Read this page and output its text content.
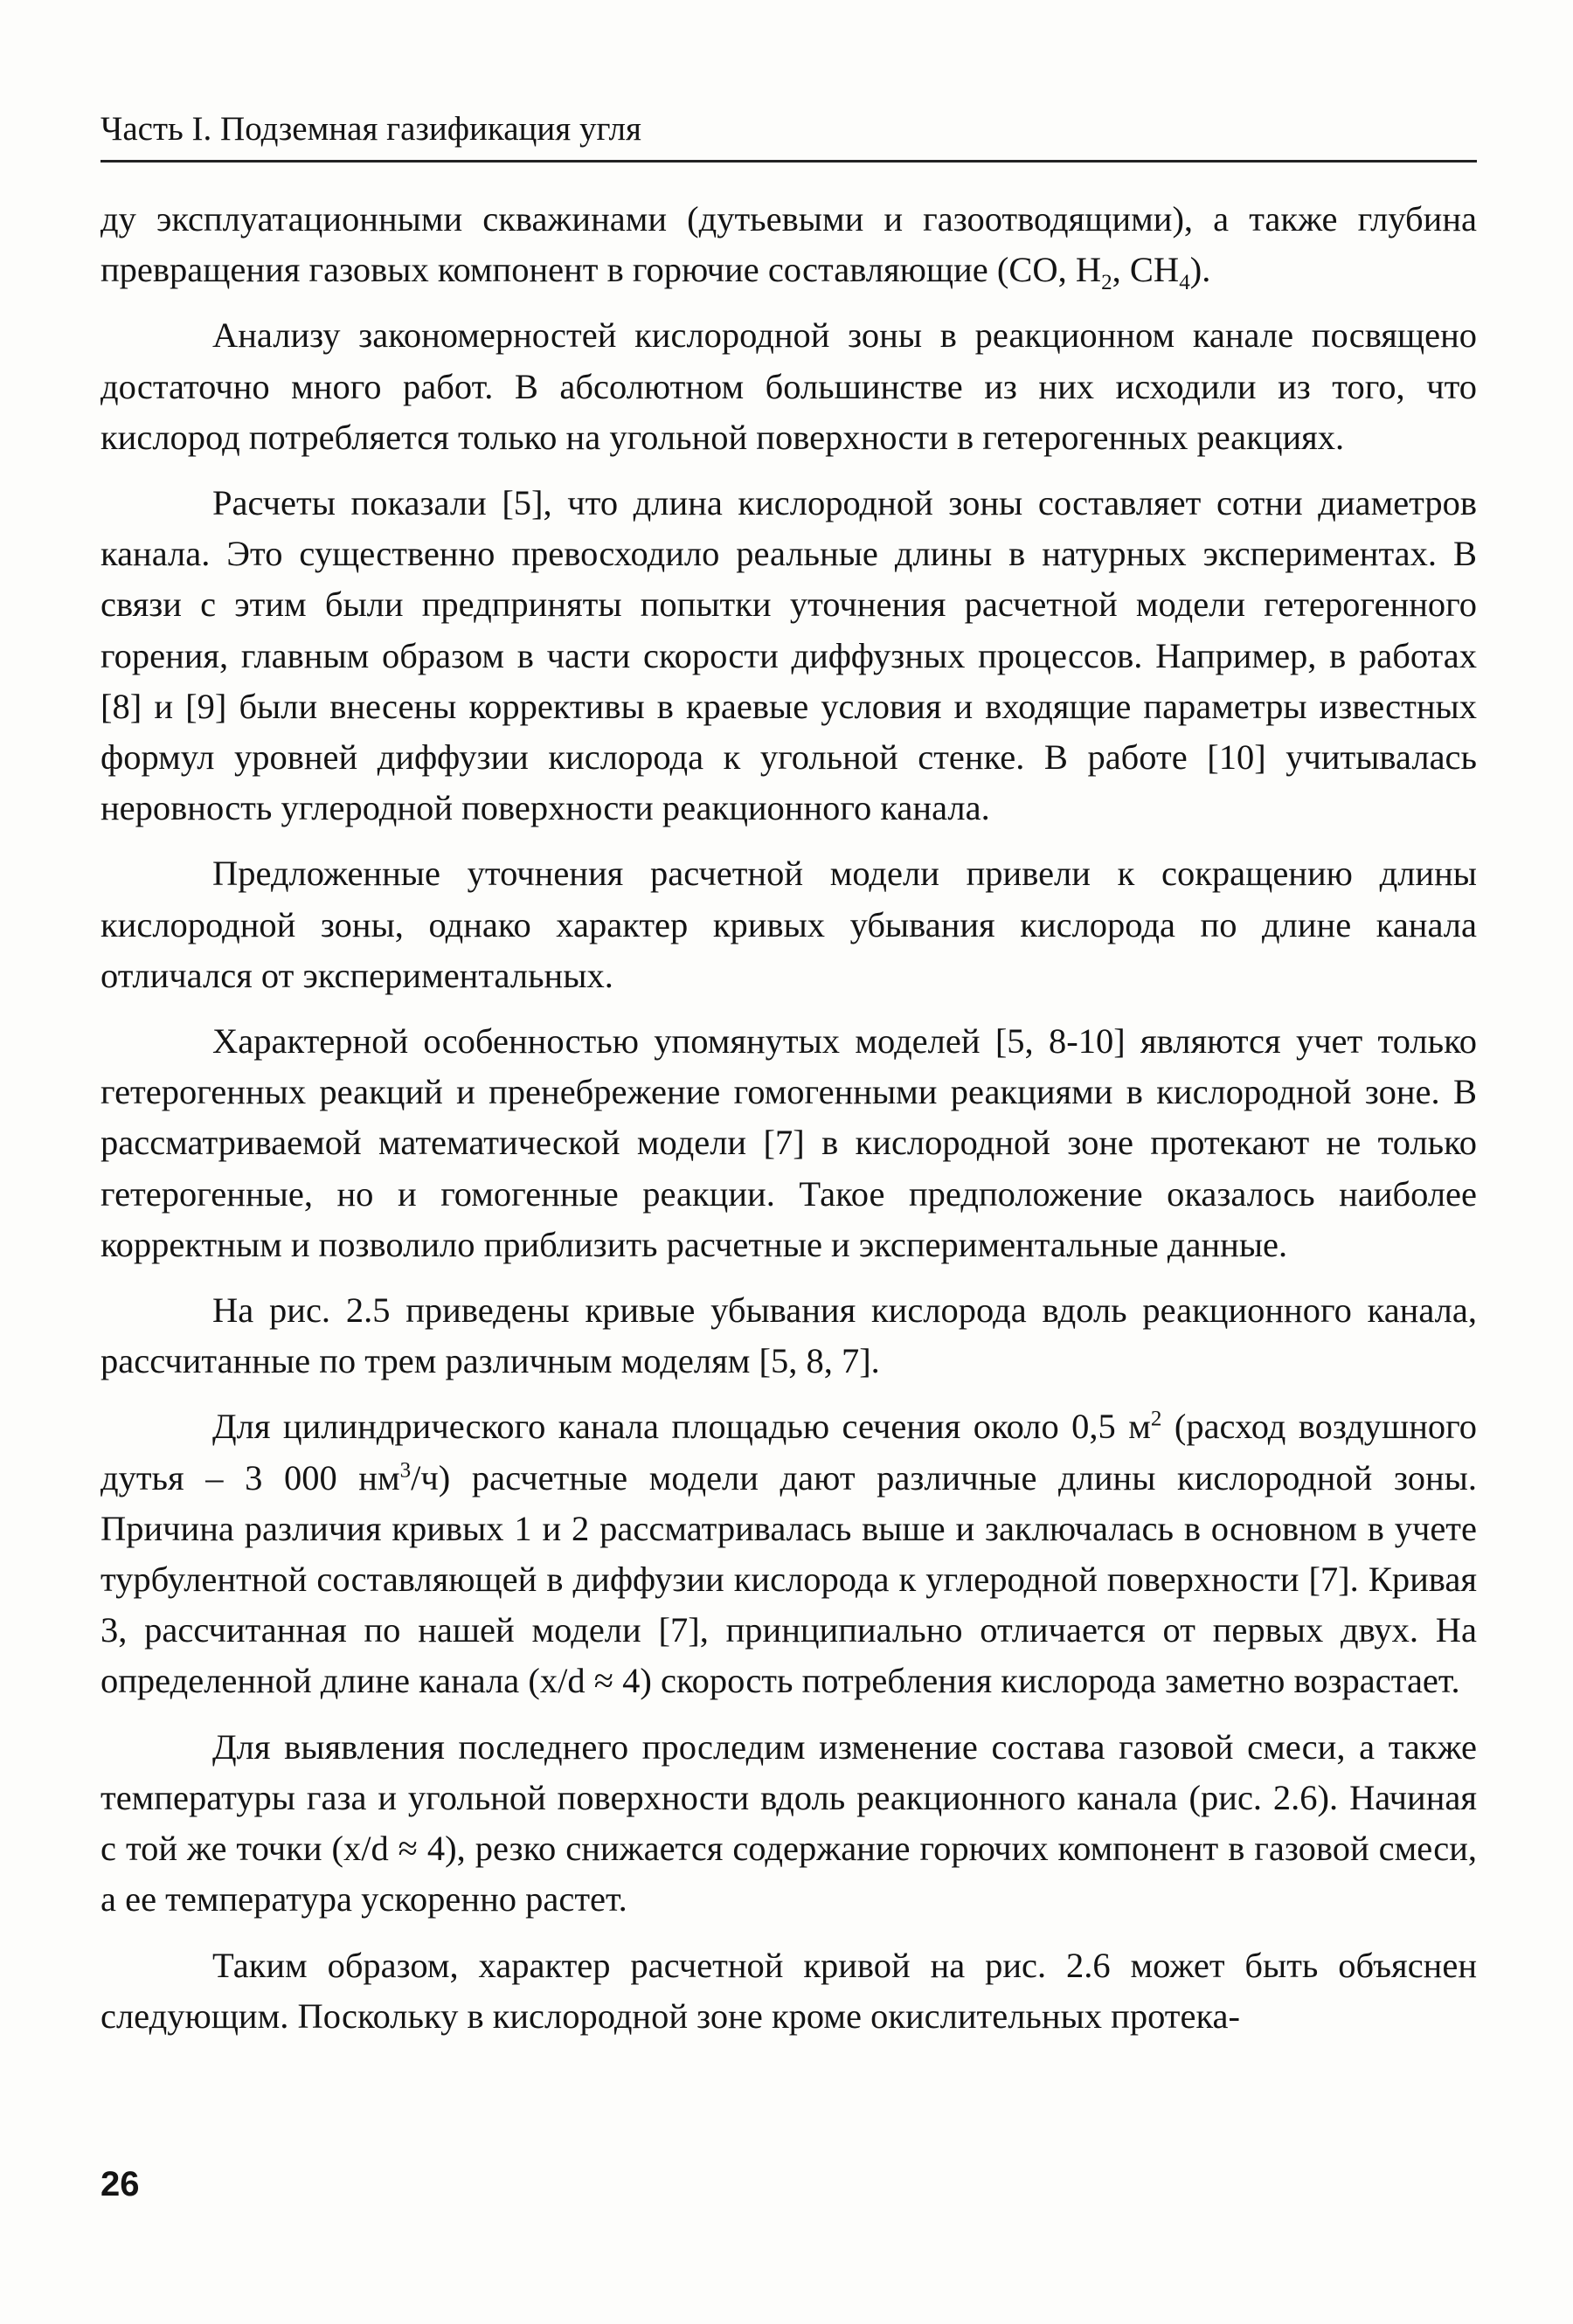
Часть I. Подземная газификация угля

ду эксплуатационными скважинами (дутьевыми и газоотводящими), а также глубина превращения газовых компонент в горючие составляющие (CO, $H_2$, $CH_4$).

Анализу закономерностей кислородной зоны в реакционном канале посвящено достаточно много работ. В абсолютном большинстве из них исходили из того, что кислород потребляется только на угольной поверхности в гетерогенных реакциях.

Расчеты показали [5], что длина кислородной зоны составляет сотни диаметров канала. Это существенно превосходило реальные длины в натурных экспериментах. В связи с этим были предприняты попытки уточнения расчетной модели гетерогенного горения, главным образом в части скорости диффузных процессов. Например, в работах [8] и [9] были внесены коррективы в краевые условия и входящие параметры известных формул уровней диффузии кислорода к угольной стенке. В работе [10] учитывалась неровность углеродной поверхности реакционного канала.

Предложенные уточнения расчетной модели привели к сокращению длины кислородной зоны, однако характер кривых убывания кислорода по длине канала отличался от экспериментальных.

Характерной особенностью упомянутых моделей [5, 8-10] являются учет только гетерогенных реакций и пренебрежение гомогенными реакциями в кислородной зоне. В рассматриваемой математической модели [7] в кислородной зоне протекают не только гетерогенные, но и гомогенные реакции. Такое предположение оказалось наиболее корректным и позволило приблизить расчетные и экспериментальные данные.

На рис. 2.5 приведены кривые убывания кислорода вдоль реакционного канала, рассчитанные по трем различным моделям [5, 8, 7].

Для цилиндрического канала площадью сечения около 0,5 $м^2$ (расход воздушного дутья – 3 000 $нм^3/ч$) расчетные модели дают различные длины кислородной зоны. Причина различия кривых 1 и 2 рассматривалась выше и заключалась в основном в учете турбулентной составляющей в диффузии кислорода к углеродной поверхности [7]. Кривая 3, рассчитанная по нашей модели [7], принципиально отличается от первых двух. На определенной длине канала (x/d ≈ 4) скорость потребления кислорода заметно возрастает.

Для выявления последнего проследим изменение состава газовой смеси, а также температуры газа и угольной поверхности вдоль реакционного канала (рис. 2.6). Начиная с той же точки (x/d ≈ 4), резко снижается содержание горючих компонент в газовой смеси, а ее температура ускоренно растет.

Таким образом, характер расчетной кривой на рис. 2.6 может быть объяснен следующим. Поскольку в кислородной зоне кроме окислительных протека-

26
